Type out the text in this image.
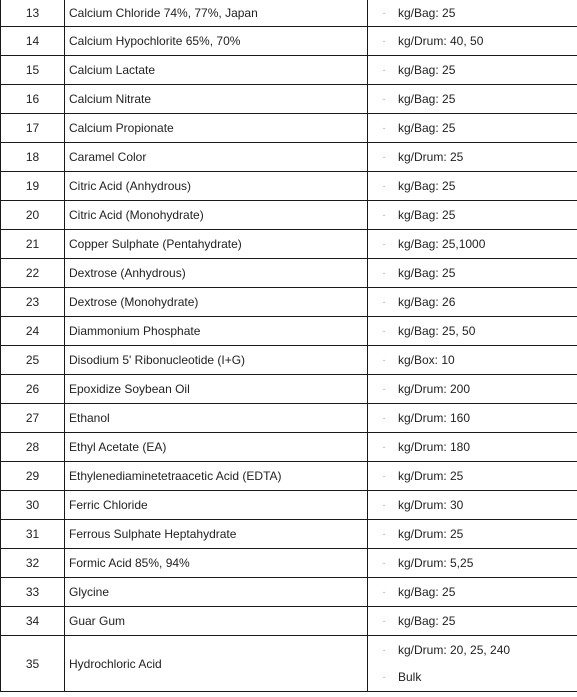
13	Calcium Chloride 74%, 77%, Japan	· kg/Bag: 25

14	Calcium Hypochlorite 65%, 70%	· kg/Drum: 40, 50

15	Calcium Lactate	· kg/Bag: 25

16	Calcium Nitrate	· kg/Bag: 25

17	Calcium Propionate	· kg/Bag: 25

18	Caramel Color	· kg/Drum: 25

19	Citric Acid (Anhydrous)	· kg/Bag: 25

20	Citric Acid (Monohydrate)	· kg/Bag: 25

21	Copper Sulphate (Pentahydrate)	· kg/Bag: 25,1000

22	Dextrose (Anhydrous)	· kg/Bag: 25

23	Dextrose (Monohydrate)	· kg/Bag: 26

24	Diammonium Phosphate	· kg/Bag: 25, 50

25	Disodium 5' Ribonucleotide (I+G)	· kg/Box: 10

26	Epoxidize Soybean Oil	· kg/Drum: 200

27	Ethanol	· kg/Drum: 160

28	Ethyl Acetate (EA)	· kg/Drum: 180

29	Ethylenediaminetetraacetic Acid (EDTA)	· kg/Drum: 25

30	Ferric Chloride	· kg/Drum: 30

31	Ferrous Sulphate Heptahydrate	· kg/Drum: 25

32	Formic Acid 85%, 94%	· kg/Drum: 5,25

33	Glycine	· kg/Bag: 25

34	Guar Gum	· kg/Bag: 25

35	Hydrochloric Acid	· kg/Drum: 20, 25, 240
· Bulk
